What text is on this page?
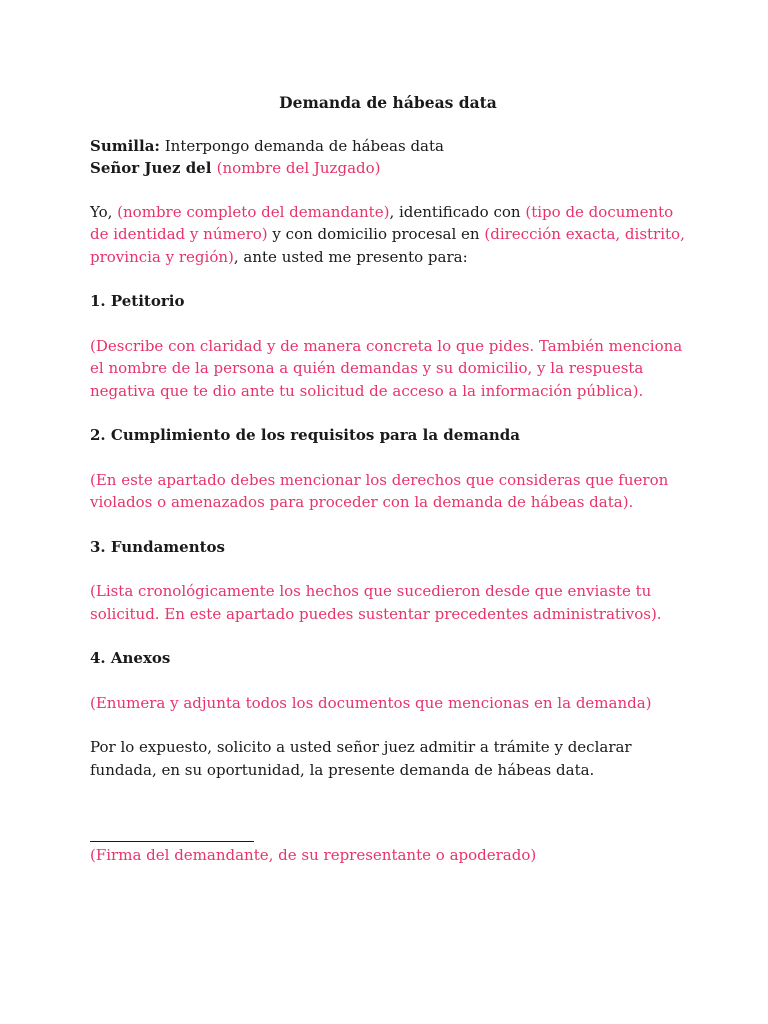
Demanda de hábeas data

Sumilla: Interpongo demanda de hábeas data

Señor Juez del (nombre del Juzgado)

Yo, (nombre completo del demandante), identificado con (tipo de documento de identidad y número) y con domicilio procesal en (dirección exacta, distrito, provincia y región), ante usted me presento para:

1. Petitorio

(Describe con claridad y de manera concreta lo que pides. También menciona el nombre de la persona a quién demandas y su domicilio, y la respuesta negativa que te dio ante tu solicitud de acceso a la información pública).

2. Cumplimiento de los requisitos para la demanda

(En este apartado debes mencionar los derechos que consideras que fueron violados o amenazados para proceder con la demanda de hábeas data).

3. Fundamentos

(Lista cronológicamente los hechos que sucedieron desde que enviaste tu solicitud. En este apartado puedes sustentar precedentes administrativos).

4. Anexos

(Enumera y adjunta todos los documentos que mencionas en la demanda)

Por lo expuesto, solicito a usted señor juez admitir a trámite y declarar fundada, en su oportunidad, la presente demanda de hábeas data.

(Firma del demandante, de su representante o apoderado)
